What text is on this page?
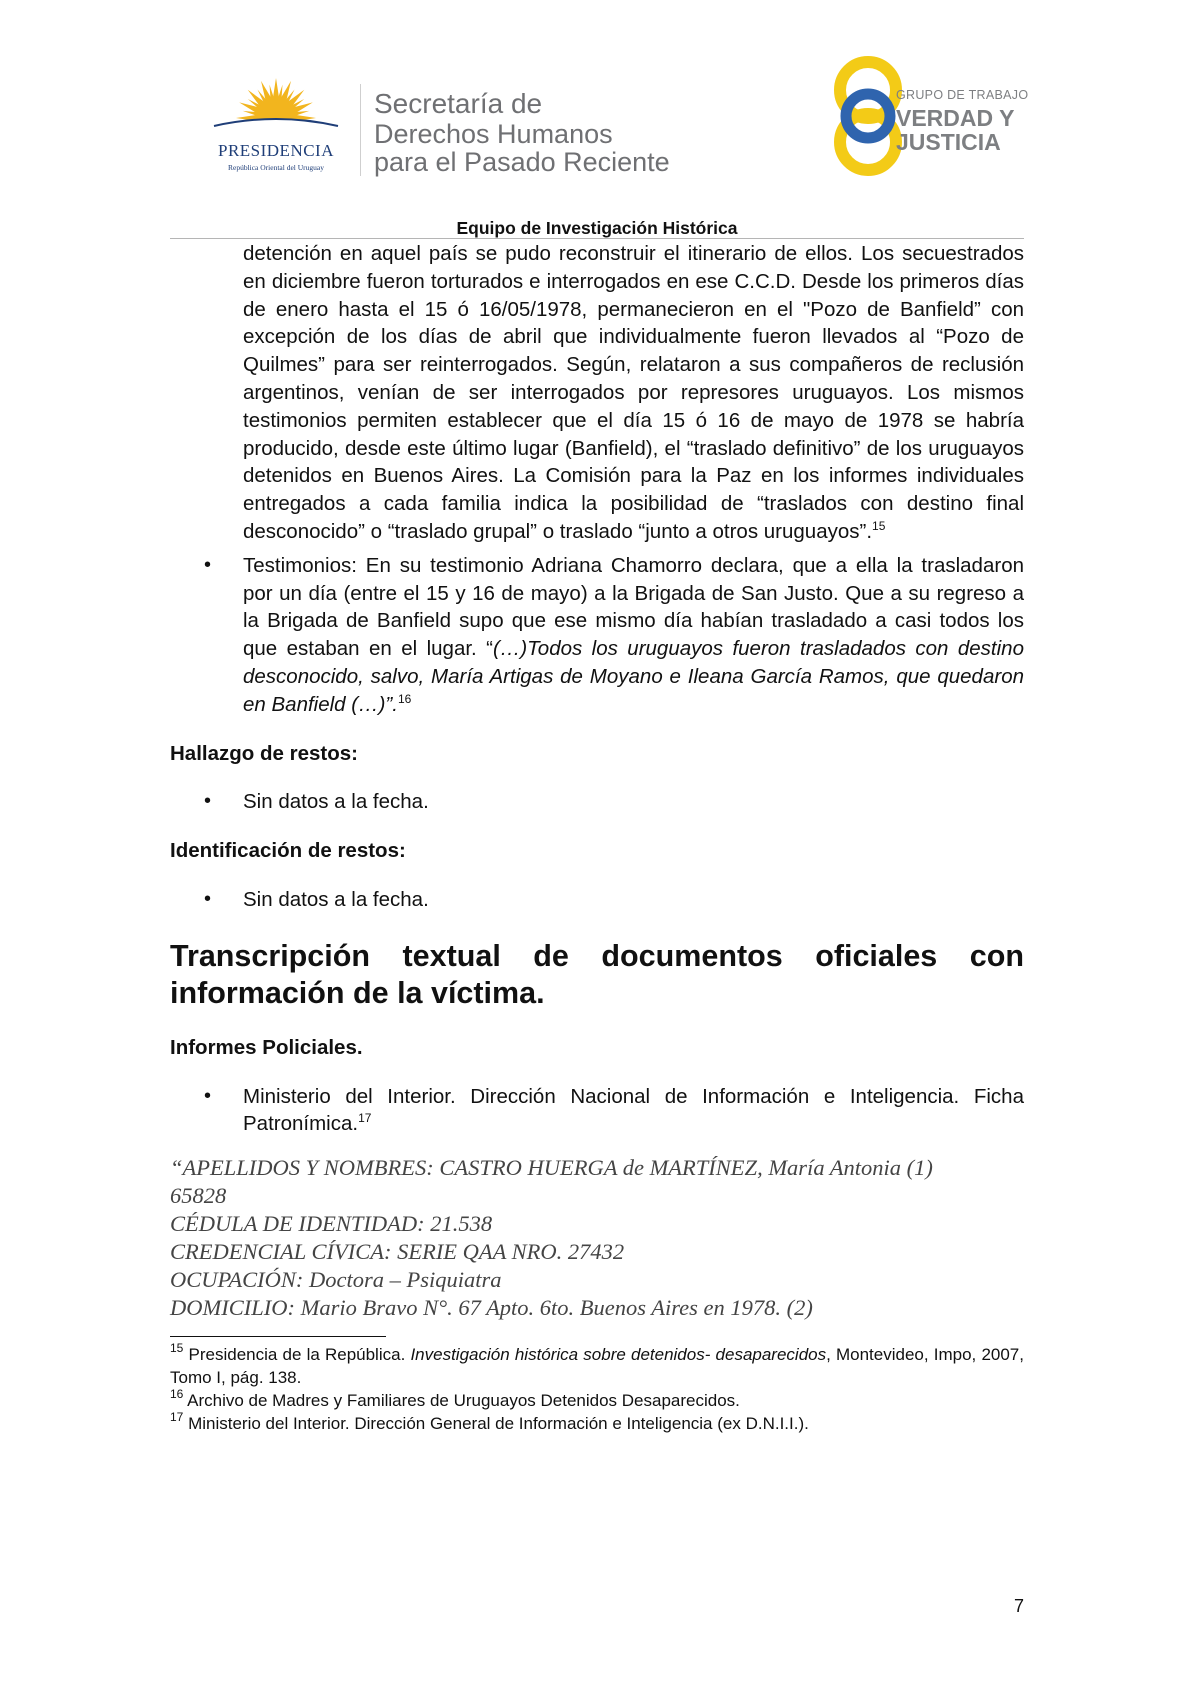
PRESIDENCIA
República Oriental del Uruguay
Secretaría de
Derechos Humanos
para el Pasado Reciente
GRUPO DE TRABAJO
VERDAD Y
JUSTICIA
Equipo de Investigación Histórica

detención en aquel país se pudo reconstruir el itinerario de ellos. Los secuestrados en diciembre fueron torturados e interrogados en ese C.C.D. Desde los primeros días de enero hasta el 15 ó 16/05/1978, permanecieron en el "Pozo de Banfield” con excepción de los días de abril que individualmente fueron llevados al “Pozo de Quilmes” para ser reinterrogados. Según, relataron a sus compañeros de reclusión argentinos, venían de ser interrogados por represores uruguayos. Los mismos testimonios permiten establecer que el día 15 ó 16 de mayo de 1978 se habría producido, desde este último lugar (Banfield), el “traslado definitivo” de los uruguayos detenidos en Buenos Aires. La Comisión para la Paz en los informes individuales entregados a cada familia indica la posibilidad de “traslados con destino final desconocido” o “traslado grupal” o traslado “junto a otros uruguayos”.$^{15}$

• Testimonios: En su testimonio Adriana Chamorro declara, que a ella la trasladaron por un día (entre el 15 y 16 de mayo) a la Brigada de San Justo. Que a su regreso a la Brigada de Banfield supo que ese mismo día habían trasladado a casi todos los que estaban en el lugar. “(…)Todos los uruguayos fueron trasladados con destino desconocido, salvo, María Artigas de Moyano e Ileana García Ramos, que quedaron en Banfield (…)”.$^{16}$
Hallazgo de restos:
• Sin datos a la fecha.
Identificación de restos:
• Sin datos a la fecha.
Transcripción textual de documentos oficiales con información de la víctima.
Informes Policiales.
• Ministerio del Interior. Dirección Nacional de Información e Inteligencia. Ficha Patronímica.$^{17}$
“APELLIDOS Y NOMBRES: CASTRO HUERGA de MARTÍNEZ, María Antonia (1)
65828
CÉDULA DE IDENTIDAD: 21.538
CREDENCIAL CÍVICA: SERIE QAA NRO. 27432
OCUPACIÓN: Doctora – Psiquiatra
DOMICILIO: Mario Bravo N°. 67 Apto. 6to. Buenos Aires en 1978. (2)
$^{15}$ Presidencia de la República. Investigación histórica sobre detenidos- desaparecidos, Montevideo, Impo, 2007, Tomo I, pág. 138.
$^{16}$ Archivo de Madres y Familiares de Uruguayos Detenidos Desaparecidos.
$^{17}$ Ministerio del Interior. Dirección General de Información e Inteligencia (ex D.N.I.I.).
7
